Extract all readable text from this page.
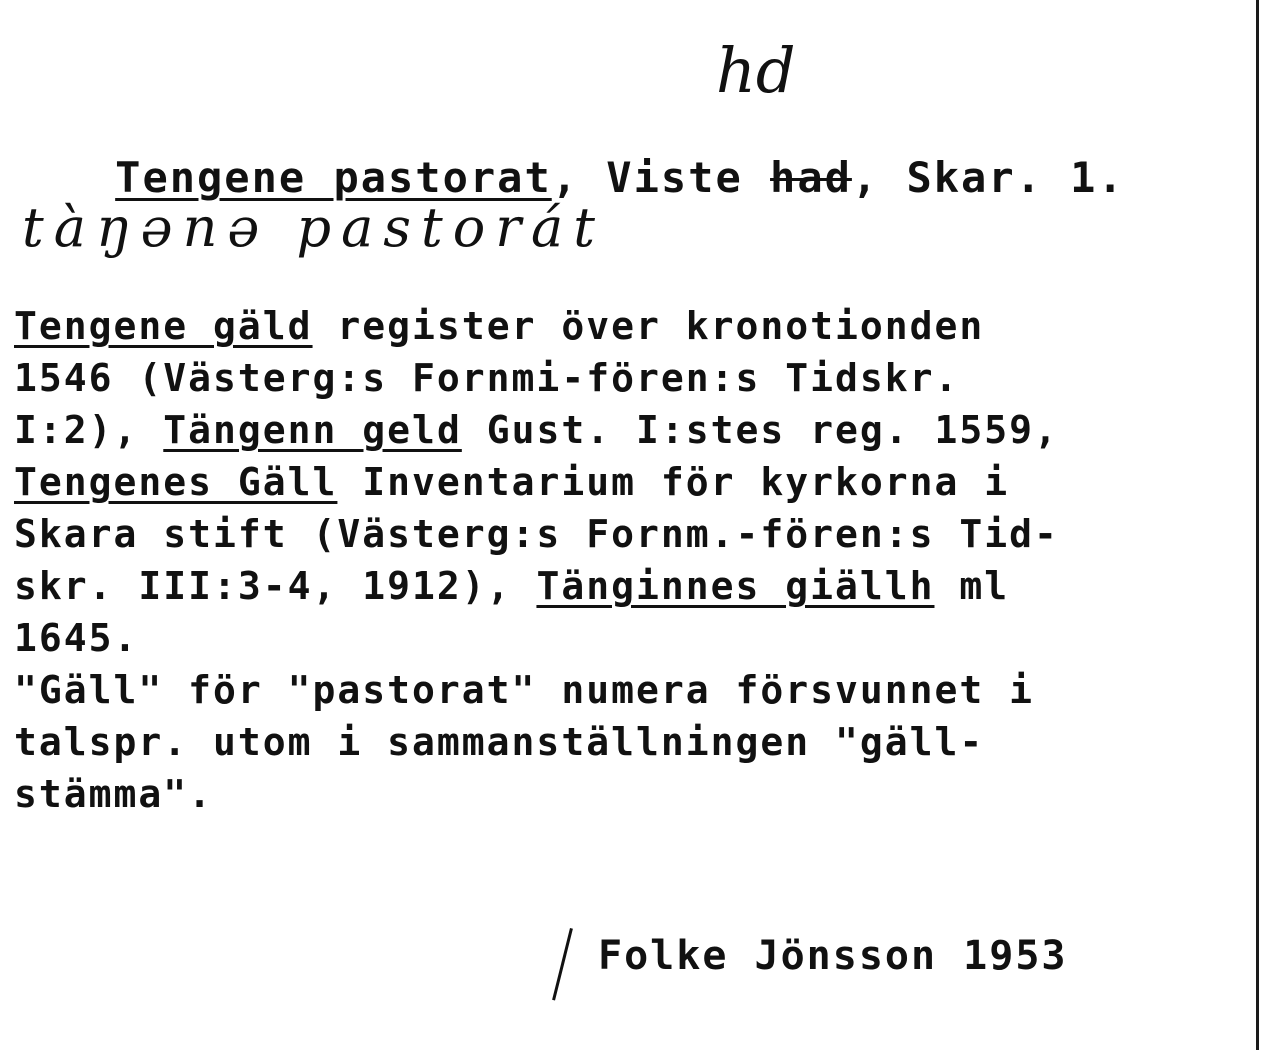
hd

Tengene pastorat, Viste had, Skar. 1.

tàŋənə pastorát
Tengene gäld register över kronotionden
1546 (Västerg:s Fornmi-fören:s Tidskr.
I:2), Tängenn geld Gust. I:stes reg. 1559,
Tengenes Gäll Inventarium för kyrkorna i
Skara stift (Västerg:s Fornm.-fören:s Tid-
skr. III:3-4, 1912), Tänginnes giällh ml
1645.
"Gäll" för "pastorat" numera försvunnet i
talspr. utom i sammanställningen "gäll-
stämma".
Folke Jönsson 1953
